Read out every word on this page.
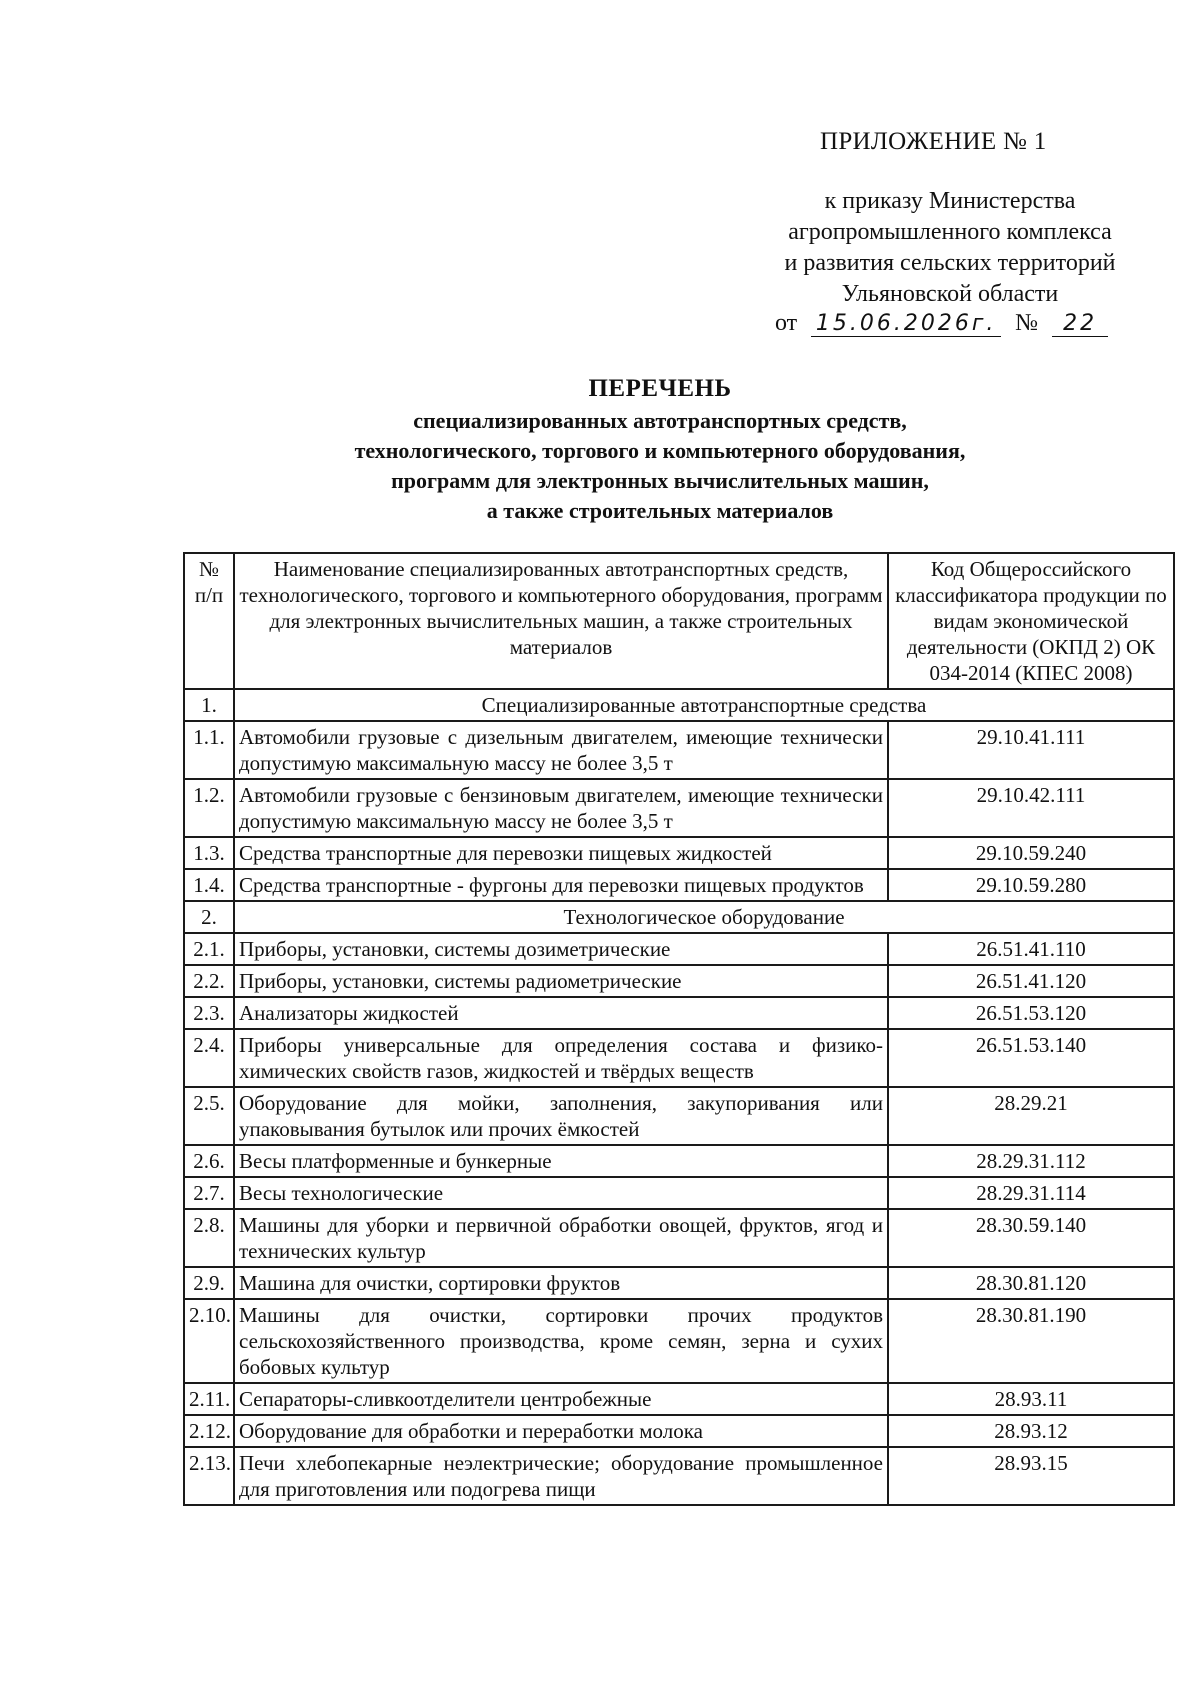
ПРИЛОЖЕНИЕ № 1
к приказу Министерства
агропромышленного комплекса
и развития сельских территорий
Ульяновской области
от 15.06.2026г. № 22
ПЕРЕЧЕНЬ
специализированных автотранспортных средств,
технологического, торгового и компьютерного оборудования,
программ для электронных вычислительных машин,
а также строительных материалов
№ п/п	Наименование специализированных автотранспортных средств, технологического, торгового и компьютерного оборудования, программ для электронных вычислительных машин, а также строительных материалов	Код Общероссийского классификатора продукции по видам экономической деятельности (ОКПД 2) ОК 034-2014 (КПЕС 2008)
1.	Специализированные автотранспортные средства	
1.1.	Автомобили грузовые с дизельным двигателем, имеющие технически допустимую максимальную массу не более 3,5 т	29.10.41.111
1.2.	Автомобили грузовые с бензиновым двигателем, имеющие технически допустимую максимальную массу не более 3,5 т	29.10.42.111
1.3.	Средства транспортные для перевозки пищевых жидкостей	29.10.59.240
1.4.	Средства транспортные - фургоны для перевозки пищевых продуктов	29.10.59.280
2.	Технологическое оборудование	
2.1.	Приборы, установки, системы дозиметрические	26.51.41.110
2.2.	Приборы, установки, системы радиометрические	26.51.41.120
2.3.	Анализаторы жидкостей	26.51.53.120
2.4.	Приборы универсальные для определения состава и физико-химических свойств газов, жидкостей и твёрдых веществ	26.51.53.140
2.5.	Оборудование для мойки, заполнения, закупоривания или упаковывания бутылок или прочих ёмкостей	28.29.21
2.6.	Весы платформенные и бункерные	28.29.31.112
2.7.	Весы технологические	28.29.31.114
2.8.	Машины для уборки и первичной обработки овощей, фруктов, ягод и технических культур	28.30.59.140
2.9.	Машина для очистки, сортировки фруктов	28.30.81.120
2.10.	Машины для очистки, сортировки прочих продуктов сельскохозяйственного производства, кроме семян, зерна и сухих бобовых культур	28.30.81.190
2.11.	Сепараторы-сливкоотделители центробежные	28.93.11
2.12.	Оборудование для обработки и переработки молока	28.93.12
2.13.	Печи хлебопекарные неэлектрические; оборудование промышленное для приготовления или подогрева пищи	28.93.15
